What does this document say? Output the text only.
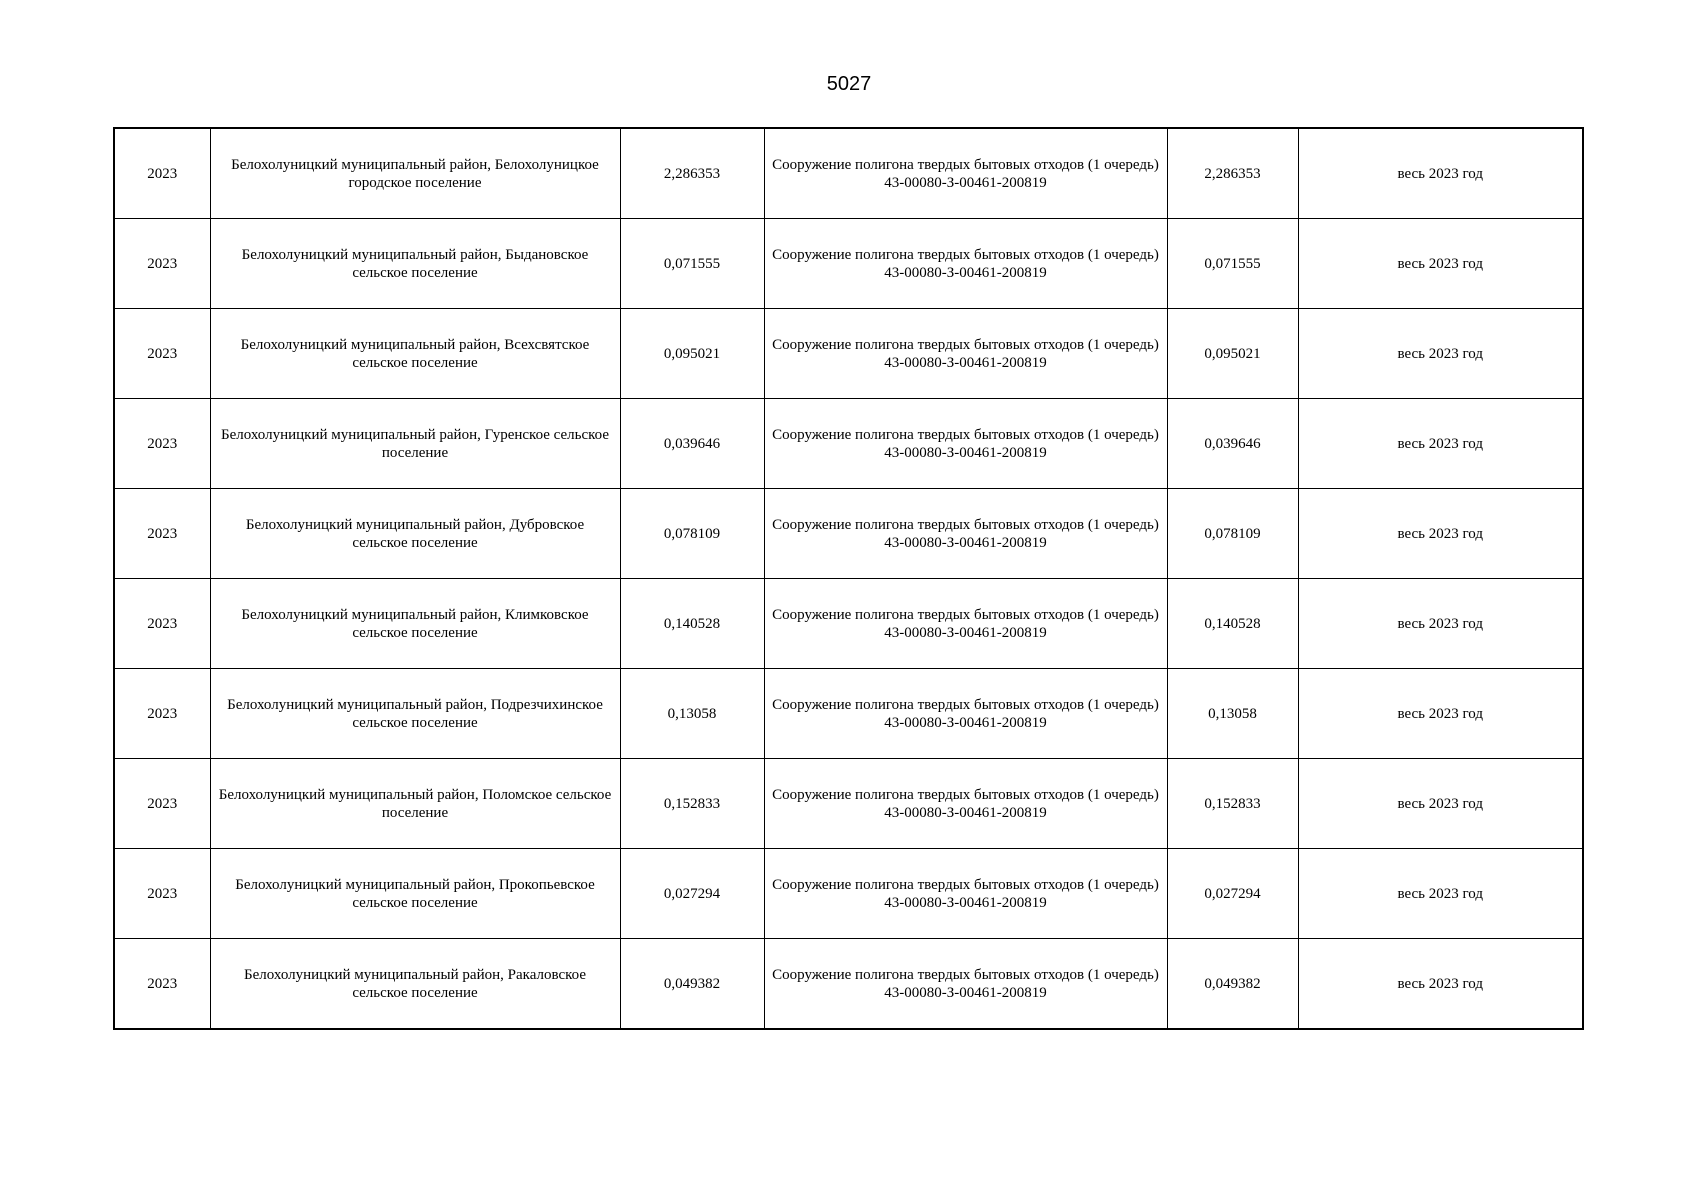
5027
2023	Белохолуницкий муниципальный район, Белохолуницкое городское поселение	2,286353	Сооружение полигона твердых бытовых отходов (1 очередь) 43-00080-З-00461-200819	2,286353	весь 2023 год
2023	Белохолуницкий муниципальный район, Быдановское сельское поселение	0,071555	Сооружение полигона твердых бытовых отходов (1 очередь) 43-00080-З-00461-200819	0,071555	весь 2023 год
2023	Белохолуницкий муниципальный район, Всехсвятское сельское поселение	0,095021	Сооружение полигона твердых бытовых отходов (1 очередь) 43-00080-З-00461-200819	0,095021	весь 2023 год
2023	Белохолуницкий муниципальный район, Гуренское сельское поселение	0,039646	Сооружение полигона твердых бытовых отходов (1 очередь) 43-00080-З-00461-200819	0,039646	весь 2023 год
2023	Белохолуницкий муниципальный район, Дубровское сельское поселение	0,078109	Сооружение полигона твердых бытовых отходов (1 очередь) 43-00080-З-00461-200819	0,078109	весь 2023 год
2023	Белохолуницкий муниципальный район, Климковское сельское поселение	0,140528	Сооружение полигона твердых бытовых отходов (1 очередь) 43-00080-З-00461-200819	0,140528	весь 2023 год
2023	Белохолуницкий муниципальный район, Подрезчихинское сельское поселение	0,13058	Сооружение полигона твердых бытовых отходов (1 очередь) 43-00080-З-00461-200819	0,13058	весь 2023 год
2023	Белохолуницкий муниципальный район, Поломское сельское поселение	0,152833	Сооружение полигона твердых бытовых отходов (1 очередь) 43-00080-З-00461-200819	0,152833	весь 2023 год
2023	Белохолуницкий муниципальный район, Прокопьевское сельское поселение	0,027294	Сооружение полигона твердых бытовых отходов (1 очередь) 43-00080-З-00461-200819	0,027294	весь 2023 год
2023	Белохолуницкий муниципальный район, Ракаловское сельское поселение	0,049382	Сооружение полигона твердых бытовых отходов (1 очередь) 43-00080-З-00461-200819	0,049382	весь 2023 год
